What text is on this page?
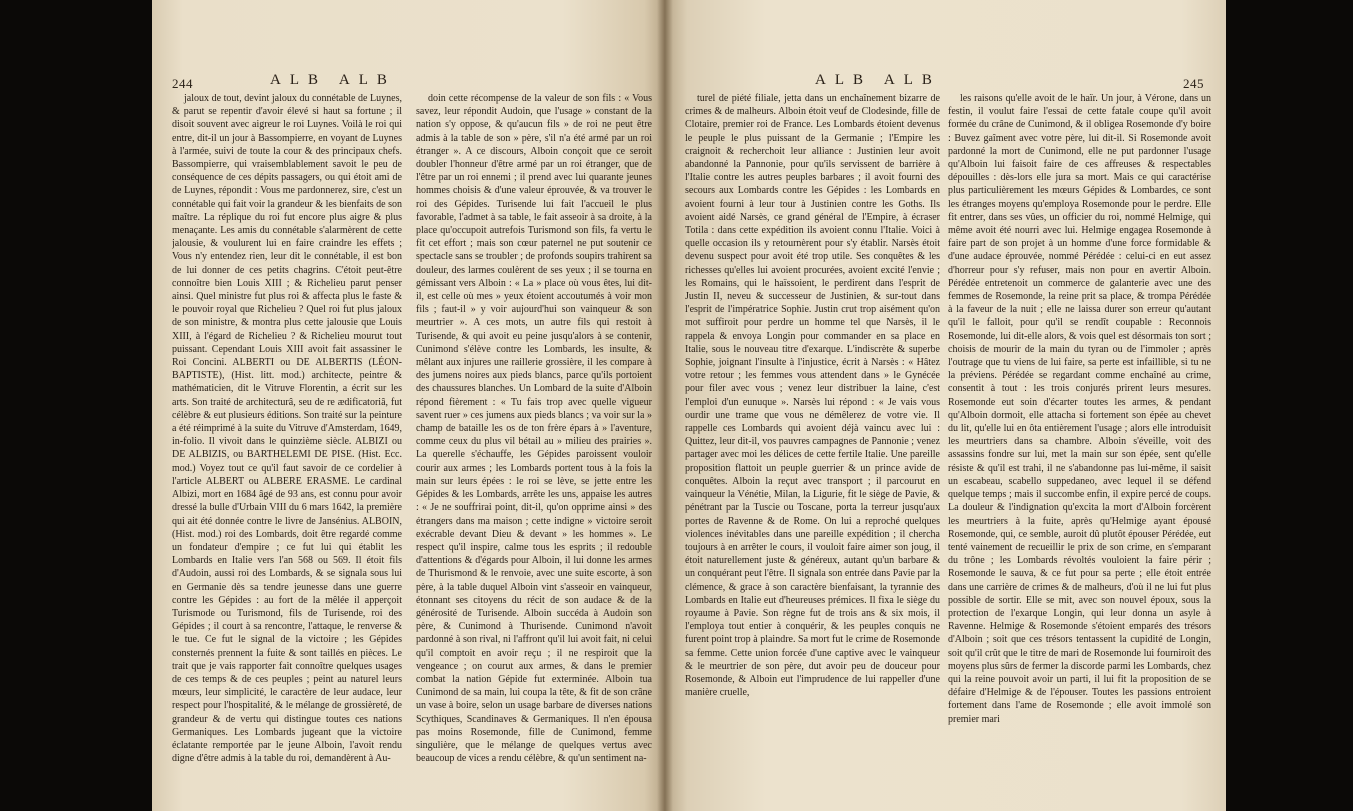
244	ALB ALB

jaloux de tout, devint jaloux du connétable de Luynes, & parut se repentir d'avoir élevé si haut sa fortune ; il disoit souvent avec aigreur le roi Luynes. Voilà le roi qui entre, dit-il un jour à Bassompierre, en voyant de Luynes à l'armée, suivi de toute la cour & des principaux chefs. Bassompierre, qui vraisemblablement savoit le peu de conséquence de ces dépits passagers, ou qui étoit ami de de Luynes, répondit : Vous me pardonnerez, sire, c'est un connétable qui fait voir la grandeur & les bienfaits de son maître. La réplique du roi fut encore plus aigre & plus menaçante. Les amis du connétable s'alarmèrent de cette jalousie, & voulurent lui en faire craindre les effets ; Vous n'y entendez rien, leur dit le connétable, il est bon de lui donner de ces petits chagrins. C'étoit peut-être connoître bien Louis XIII ; & Richelieu parut penser ainsi. Quel ministre fut plus roi & affecta plus le faste & le pouvoir royal que Richelieu ? Quel roi fut plus jaloux de son ministre, & montra plus cette jalousie que Louis XIII, à l'égard de Richelieu ? & Richelieu mourut tout puissant. Cependant Louis XIII avoit fait assassiner le Roi Concini. ALBERTI ou DE ALBERTIS (LÉON-BAPTISTE), (Hist. litt. mod.) architecte, peintre & mathématicien, dit le Vitruve Florentin, a écrit sur les arts. Son traité de architecturâ, seu de re ædificatoriâ, fut célèbre & eut plusieurs éditions. Son traité sur la peinture a été réimprimé à la suite du Vitruve d'Amsterdam, 1649, in-folio. Il vivoit dans le quinzième siècle. ALBIZI ou DE ALBIZIS, ou BARTHELEMI DE PISE. (Hist. Ecc. mod.) Voyez tout ce qu'il faut savoir de ce cordelier à l'article ALBERT ou ALBERE ERASME. Le cardinal Albizi, mort en 1684 âgé de 93 ans, est connu pour avoir dressé la bulle d'Urbain VIII du 6 mars 1642, la première qui ait été donnée contre le livre de Jansénius. ALBOIN, (Hist. mod.) roi des Lombards, doit être regardé comme un fondateur d'empire ; ce fut lui qui établit les Lombards en Italie vers l'an 568 ou 569. Il étoit fils d'Audoin, aussi roi des Lombards, & se signala sous lui en Germanie dès sa tendre jeunesse dans une guerre contre les Gépides : au fort de la mêlée il apperçoit Turismode ou Turismond, fils de Turisende, roi des Gépides ; il court à sa rencontre, l'attaque, le renverse & le tue. Ce fut le signal de la victoire ; les Gépides consternés prennent la fuite & sont taillés en pièces. Le trait que je vais rapporter fait connoître quelques usages de ces temps & de ces peuples ; peint au naturel leurs mœurs, leur simplicité, le caractère de leur audace, leur respect pour l'hospitalité, & le mélange de grossièreté, de grandeur & de vertu qui distingue toutes ces nations Germaniques. Les Lombards jugeant que la victoire éclatante remportée par le jeune Alboin, l'avoit rendu digne d'être admis à la table du roi, demandèrent à Au-

doin cette récompense de la valeur de son fils : « Vous savez, leur répondit Audoin, que l'usage » constant de la nation s'y oppose, & qu'aucun fils » de roi ne peut être admis à la table de son » père, s'il n'a été armé par un roi étranger ». A ce discours, Alboin conçoit que ce seroit doubler l'honneur d'être armé par un roi étranger, que de l'être par un roi ennemi ; il prend avec lui quarante jeunes hommes choisis & d'une valeur éprouvée, & va trouver le roi des Gépides. Turisende lui fait l'accueil le plus favorable, l'admet à sa table, le fait asseoir à sa droite, à la place qu'occupoit autrefois Turismond son fils, fa vertu le fit cet effort ; mais son cœur paternel ne put soutenir ce spectacle sans se troubler ; de profonds soupirs trahirent sa douleur, des larmes coulèrent de ses yeux ; il se tourna en gémissant vers Alboin : « La » place où vous êtes, lui dit-il, est celle où mes » yeux étoient accoutumés à voir mon fils ; faut-il » y voir aujourd'hui son vainqueur & son meurtrier ». A ces mots, un autre fils qui restoit à Turisende, & qui avoit eu peine jusqu'alors à se contenir, Cunimond s'élève contre les Lombards, les insulte, & mêlant aux injures une raillerie grossière, il les compare à des jumens noires aux pieds blancs, parce qu'ils portoient des chaussures blanches. Un Lombard de la suite d'Alboin répond fièrement : « Tu fais trop avec quelle vigueur savent ruer » ces jumens aux pieds blancs ; va voir sur la » champ de bataille les os de ton frère épars à » l'aventure, comme ceux du plus vil bétail au » milieu des prairies ». La querelle s'échauffe, les Gépides paroissent vouloir courir aux armes ; les Lombards portent tous à la fois la main sur leurs épées : le roi se lève, se jette entre les Gépides & les Lombards, arrête les uns, appaise les autres : « Je ne souffrirai point, dit-il, qu'on opprime ainsi » des étrangers dans ma maison ; cette indigne » victoire seroit exécrable devant Dieu & devant » les hommes ». Le respect qu'il inspire, calme tous les esprits ; il redouble d'attentions & d'égards pour Alboin, il lui donne les armes de Thurismond & le renvoie, avec une suite escorte, à son père, à la table duquel Alboin vint s'asseoir en vainqueur, étonnant ses citoyens du récit de son audace & de la générosité de Turisende. Alboin succéda à Audoin son père, & Cunimond à Thurisende. Cunimond n'avoit pardonné à son rival, ni l'affront qu'il lui avoit fait, ni celui qu'il comptoit en avoir reçu ; il ne respiroit que la vengeance ; on courut aux armes, & dans le premier combat la nation Gépide fut exterminée. Alboin tua Cunimond de sa main, lui coupa la tête, & fit de son crâne un vase à boire, selon un usage barbare de diverses nations Scythiques, Scandinaves & Germaniques. Il n'en épousa pas moins Rosemonde, fille de Cunimond, femme singulière, que le mélange de quelques vertus avec beaucoup de vices a rendu célèbre, & qu'un sentiment na-

ALB ALB	245

turel de piété filiale, jetta dans un enchaînement bizarre de crimes & de malheurs. Alboin étoit veuf de Clodesinde, fille de Clotaire, premier roi de France. Les Lombards étoient devenus le peuple le plus puissant de la Germanie ; l'Empire les craignoit & recherchoit leur alliance : Justinien leur avoit abandonné la Pannonie, pour qu'ils servissent de barrière à l'Italie contre les autres peuples barbares ; il avoit fourni des secours aux Lombards contre les Gépides : les Lombards en avoient fourni à leur tour à Justinien contre les Goths. Ils avoient aidé Narsès, ce grand général de l'Empire, à écraser Totila : dans cette expédition ils avoient connu l'Italie. Voici à quelle occasion ils y retournèrent pour s'y établir. Narsès étoit devenu suspect pour avoit été trop utile. Ses conquêtes & les richesses qu'elles lui avoient procurées, avoient excité l'envie ; les Romains, qui le haïssoient, le perdirent dans l'esprit de Justin II, neveu & successeur de Justinien, & sur-tout dans l'esprit de l'impératrice Sophie. Justin crut trop aisément qu'on mot suffiroit pour perdre un homme tel que Narsès, il le rappela & envoya Longin pour commander en sa place en Italie, sous le nouveau titre d'exarque. L'indiscrète & superbe Sophie, joignant l'insulte à l'injustice, écrit à Narsès : « Hâtez votre retour ; les femmes vous attendent dans » le Gynécée pour filer avec vous ; venez leur distribuer la laine, c'est l'emploi d'un eunuque ». Narsès lui répond : « Je vais vous ourdir une trame que vous ne démêlerez de votre vie. Il rappelle ces Lombards qui avoient déjà vaincu avec lui : Quittez, leur dit-il, vos pauvres campagnes de Pannonie ; venez partager avec moi les délices de cette fertile Italie. Une pareille proposition flattoit un peuple guerrier & un prince avide de conquêtes. Alboin la reçut avec transport ; il parcourut en vainqueur la Vénétie, Milan, la Ligurie, fit le siège de Pavie, & pénétrant par la Tuscie ou Toscane, porta la terreur jusqu'aux portes de Ravenne & de Rome. On lui a reproché quelques violences inévitables dans une pareille expédition ; il chercha toujours à en arrêter le cours, il vouloit faire aimer son joug, il étoit naturellement juste & généreux, autant qu'un barbare & un conquérant peut l'être. Il signala son entrée dans Pavie par la clémence, & grace à son caractère bienfaisant, la tyrannie des Lombards en Italie eut d'heureuses prémices. Il fixa le siège du royaume à Pavie. Son règne fut de trois ans & six mois, il l'employa tout entier à conquérir, & les peuples conquis ne furent point trop à plaindre. Sa mort fut le crime de Rosemonde sa femme. Cette union forcée d'une captive avec le vainqueur & le meurtrier de son père, dut avoir peu de douceur pour Rosemonde, & Alboin eut l'imprudence de lui rappeller d'une manière cruelle,

les raisons qu'elle avoit de le haïr. Un jour, à Vérone, dans un festin, il voulut faire l'essai de cette fatale coupe qu'il avoit formée du crâne de Cunimond, & il obligea Rosemonde d'y boire : Buvez gaîment avec votre père, lui dit-il. Si Rosemonde avoit pardonné la mort de Cunimond, elle ne put pardonner l'usage qu'Alboin lui faisoit faire de ces affreuses & respectables dépouilles : dès-lors elle jura sa mort. Mais ce qui caractérise plus particulièrement les mœurs Gépides & Lombardes, ce sont les étranges moyens qu'employa Rosemonde pour le perdre. Elle fit entrer, dans ses vûes, un officier du roi, nommé Helmige, qui même avoit été nourri avec lui. Helmige engagea Rosemonde à faire part de son projet à un homme d'une force formidable & d'une audace éprouvée, nommé Pérédée : celui-ci en eut assez d'horreur pour s'y refuser, mais non pour en avertir Alboin. Pérédée entretenoit un commerce de galanterie avec une des femmes de Rosemonde, la reine prit sa place, & trompa Pérédée à la faveur de la nuit ; elle ne laissa durer son erreur qu'autant qu'il le falloit, pour qu'il se rendît coupable : Reconnois Rosemonde, lui dit-elle alors, & vois quel est désormais ton sort ; choisis de mourir de la main du tyran ou de l'immoler ; après l'outrage que tu viens de lui faire, sa perte est infaillible, si tu ne la préviens. Pérédée se regardant comme enchaîné au crime, consentit à tout : les trois conjurés prirent leurs mesures. Rosemonde eut soin d'écarter toutes les armes, & pendant qu'Alboin dormoit, elle attacha si fortement son épée au chevet du lit, qu'elle lui en ôta entièrement l'usage ; alors elle introduisit les meurtriers dans sa chambre. Alboin s'éveille, voit des assassins fondre sur lui, met la main sur son épée, sent qu'elle résiste & qu'il est trahi, il ne s'abandonne pas lui-même, il saisit un escabeau, scabello suppedaneo, avec lequel il se défend quelque temps ; mais il succombe enfin, il expire percé de coups. La douleur & l'indignation qu'excita la mort d'Alboin forcèrent les meurtriers à la fuite, après qu'Helmige ayant épousé Rosemonde, qui, ce semble, auroit dû plutôt épouser Pérédée, eut tenté vainement de recueillir le prix de son crime, en s'emparant du trône ; les Lombards révoltés vouloient la faire périr ; Rosemonde le sauva, & ce fut pour sa perte ; elle étoit entrée dans une carrière de crimes & de malheurs, d'où il ne lui fut plus possible de sortir. Elle se mit, avec son nouvel époux, sous la protection de l'exarque Longin, qui leur donna un asyle à Ravenne. Helmige & Rosemonde s'étoient emparés des trésors d'Alboin ; soit que ces trésors tentassent la cupidité de Longin, soit qu'il crût que le titre de mari de Rosemonde lui fourniroit des moyens plus sûrs de fermer la discorde parmi les Lombards, chez qui la reine pouvoit avoir un parti, il lui fit la proposition de se défaire d'Helmige & de l'épouser. Toutes les passions entroient fortement dans l'ame de Rosemonde ; elle avoit immolé son premier mari
